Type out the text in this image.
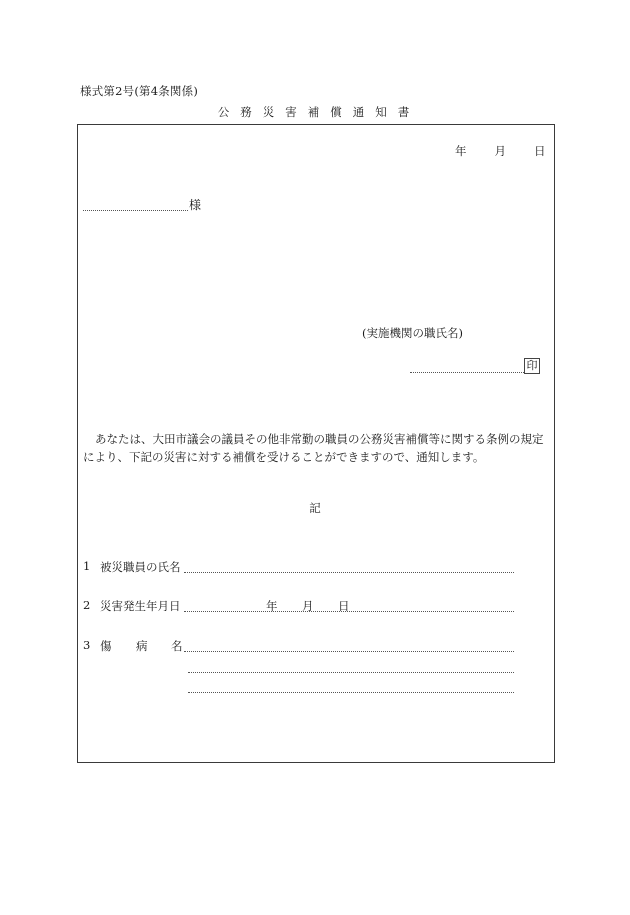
様式第2号(第4条関係)
公務災害補償通知書
年 月 日
様
(実施機関の職氏名)
印
あなたは、大田市議会の議員その他非常勤の職員の公務災害補償等に関する条例の規定により、下記の災害に対する補償を受けることができますので、通知します。
記
1 被災職員の氏名
2 災害発生年月日	年 月 日
3 傷 病 名
